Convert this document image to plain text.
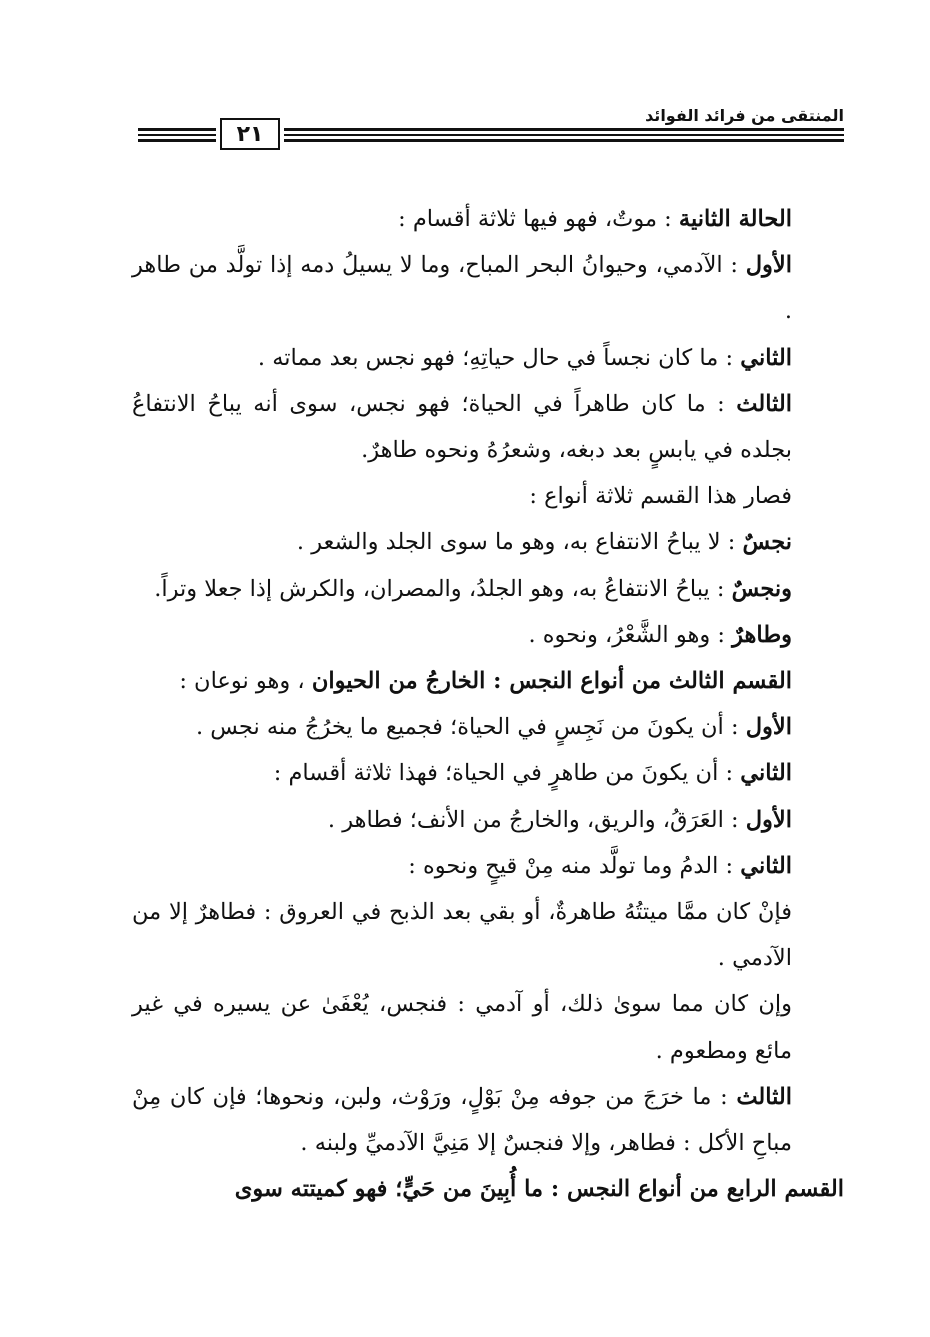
المنتقى من فرائد الفوائد
٢١

الحالة الثانية : موتٌ، فهو فيها ثلاثة أقسام :

الأول : الآدمي، وحيوانُ البحر المباح، وما لا يسيلُ دمه إذا تولَّد من طاهر .

الثاني : ما كان نجساً في حال حياتِهِ؛ فهو نجس بعد مماته .

الثالث : ما كان طاهراً في الحياة؛ فهو نجس، سوى أنه يباحُ الانتفاعُ بجلده في يابسٍ بعد دبغه، وشعرُهُ ونحوه طاهرٌ.

فصار هذا القسم ثلاثة أنواع :

نجسٌ : لا يباحُ الانتفاع به، وهو ما سوى الجلد والشعر .

ونجسٌ : يباحُ الانتفاعُ به، وهو الجلدُ، والمصران، والكرش إذا جعلا وتراً.

وطاهرٌ : وهو الشَّعْرُ، ونحوه .

القسم الثالث من أنواع النجس : الخارجُ من الحيوان ، وهو نوعان :

الأول : أن يكونَ من نَجِسٍ في الحياة؛ فجميع ما يخرُجُ منه نجس .

الثاني : أن يكونَ من طاهرٍ في الحياة؛ فهذا ثلاثة أقسام :

الأول : العَرَقُ، والريق، والخارجُ من الأنف؛ فطاهر .

الثاني : الدمُ وما تولَّد منه مِنْ قيحٍ ونحوه :

فإنْ كان ممَّا ميتتُهُ طاهرةٌ، أو بقي بعد الذبح في العروق : فطاهرٌ إلا من الآدمي .

وإن كان مما سوىٰ ذلك، أو آدمي : فنجس، يُعْفَىٰ عن يسيره في غير مائع ومطعوم .

الثالث : ما خرَجَ من جوفه مِنْ بَوْلٍ، ورَوْث، ولبن، ونحوها؛ فإن كان مِنْ مباحِ الأكل : فطاهر، وإلا فنجسٌ إلا مَنِيَّ الآدميِّ ولبنه .

القسم الرابع من أنواع النجس : ما أُبِينَ من حَيٍّ؛ فهو كميتته سوى
